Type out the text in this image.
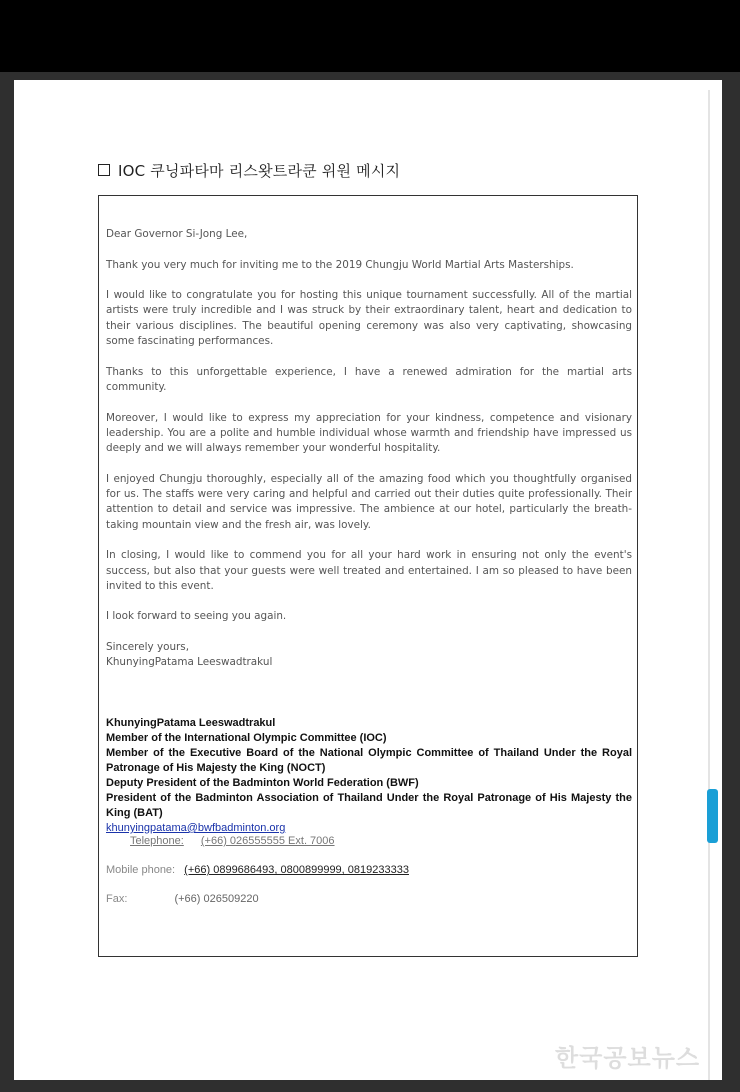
IOC 쿠닝파타마 리스왓트라쿤 위원 메시지

Dear Governor Si-Jong Lee,

Thank you very much for inviting me to the 2019 Chungju World Martial Arts Masterships.

I would like to congratulate you for hosting this unique tournament successfully. All of the martial artists were truly incredible and I was struck by their extraordinary talent, heart and dedication to their various disciplines. The beautiful opening ceremony was also very captivating, showcasing some fascinating performances.

Thanks to this unforgettable experience, I have a renewed admiration for the martial arts community.

Moreover, I would like to express my appreciation for your kindness, competence and visionary leadership. You are a polite and humble individual whose warmth and friendship have impressed us deeply and we will always remember your wonderful hospitality.

I enjoyed Chungju thoroughly, especially all of the amazing food which you thoughtfully organised for us. The staffs were very caring and helpful and carried out their duties quite professionally. Their attention to detail and service was impressive. The ambience at our hotel, particularly the breath-taking mountain view and the fresh air, was lovely.

In closing, I would like to commend you for all your hard work in ensuring not only the event's success, but also that your guests were well treated and entertained. I am so pleased to have been invited to this event.

I look forward to seeing you again.

Sincerely yours,

KhunyingPatama Leeswadtrakul

KhunyingPatama Leeswadtrakul
Member of the International Olympic Committee (IOC)
Member of the Executive Board of the National Olympic Committee of Thailand Under the Royal Patronage of His Majesty the King (NOCT)
Deputy President of the Badminton World Federation (BWF)
President of the Badminton Association of Thailand Under the Royal Patronage of His Majesty the King (BAT)
khunyingpatama@bwfbadminton.org
Telephone: (+66) 026555555 Ext. 7006
Mobile phone: (+66) 0899686493, 0800899999, 0819233333
Fax:	(+66) 026509220
한국공보뉴스
